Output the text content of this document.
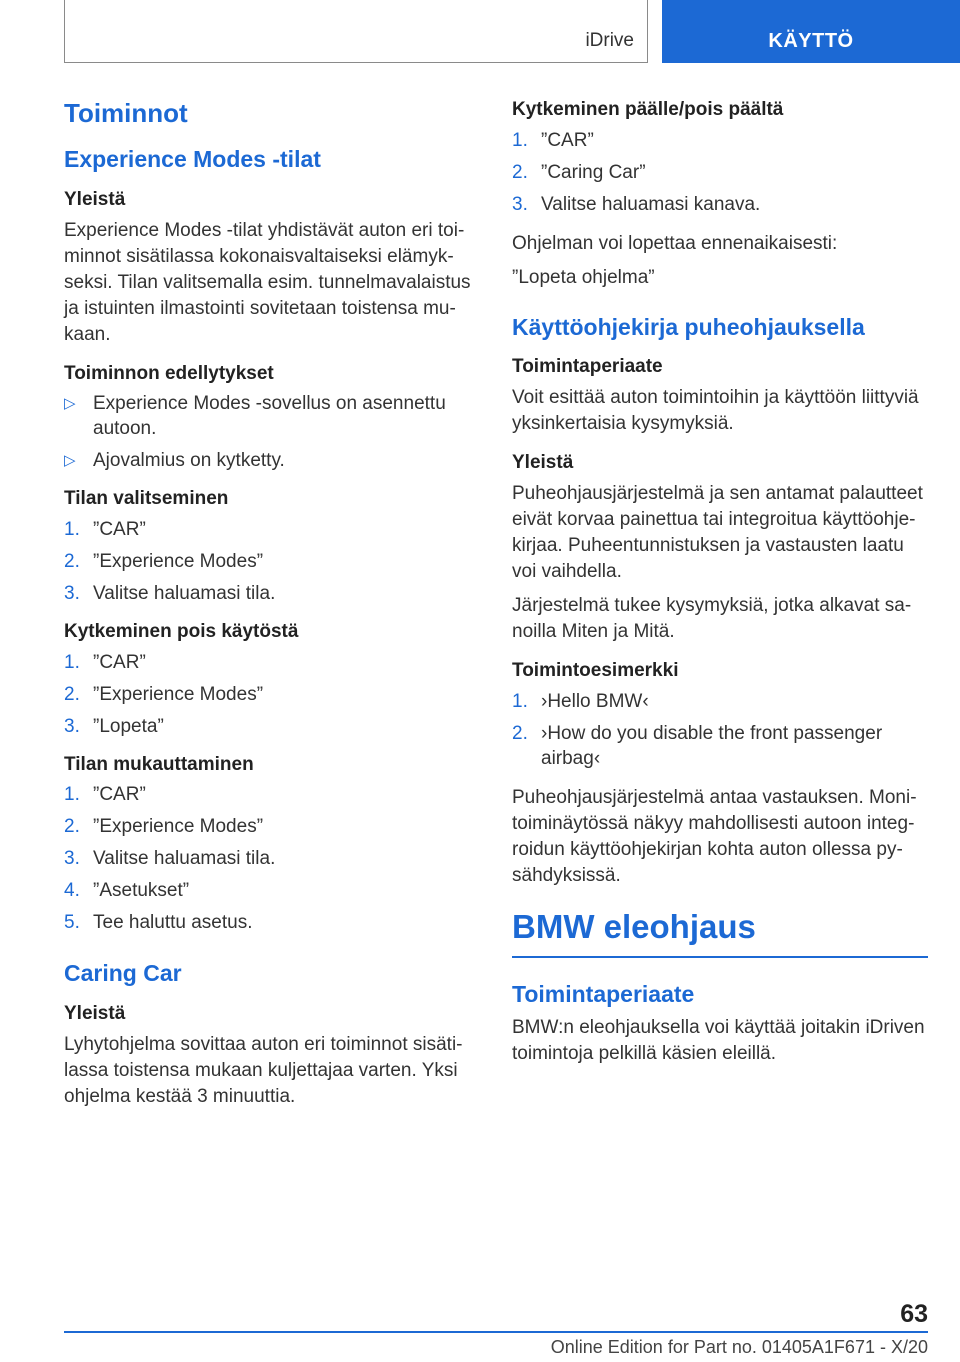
iDrive	KÄYTTÖ
Toiminnot
Experience Modes -tilat
Yleistä
Experience Modes -tilat yhdistävät auton eri toiminnot sisätilassa kokonaisvaltaiseksi elämykseksi. Tilan valitsemalla esim. tunnelmavalaistus ja istuinten ilmastointi sovitetaan toistensa mukaan.
Toiminnon edellytykset
▷ Experience Modes -sovellus on asennettu autoon.
▷ Ajovalmius on kytketty.
Tilan valitseminen
1. ”CAR”
2. ”Experience Modes”
3. Valitse haluamasi tila.
Kytkeminen pois käytöstä
1. ”CAR”
2. ”Experience Modes”
3. ”Lopeta”
Tilan mukauttaminen
1. ”CAR”
2. ”Experience Modes”
3. Valitse haluamasi tila.
4. ”Asetukset”
5. Tee haluttu asetus.
Caring Car
Yleistä
Lyhytohjelma sovittaa auton eri toiminnot sisätilassa toistensa mukaan kuljettajaa varten. Yksi ohjelma kestää 3 minuuttia.
Kytkeminen päälle/pois päältä
1. ”CAR”
2. ”Caring Car”
3. Valitse haluamasi kanava.
Ohjelman voi lopettaa ennenaikaisesti:
”Lopeta ohjelma”
Käyttöohjekirja puheohjauksella
Toimintaperiaate
Voit esittää auton toimintoihin ja käyttöön liittyviä yksinkertaisia kysymyksiä.
Yleistä
Puheohjausjärjestelmä ja sen antamat palautteet eivät korvaa painettua tai integroitua käyttöohjekirjaa. Puheentunnistuksen ja vastausten laatu voi vaihdella.
Järjestelmä tukee kysymyksiä, jotka alkavat sanoilla Miten ja Mitä.
Toimintoesimerkki
1. ›Hello BMW‹
2. ›How do you disable the front passenger airbag‹
Puheohjausjärjestelmä antaa vastauksen. Monitoiminäytössä näkyy mahdollisesti autoon integroidun käyttöohjekirjan kohta auton ollessa pysähdyksissä.
BMW eleohjaus
Toimintaperiaate
BMW:n eleohjauksella voi käyttää joitakin iDriven toimintoja pelkillä käsien eleillä.
63
Online Edition for Part no. 01405A1F671 - X/20
